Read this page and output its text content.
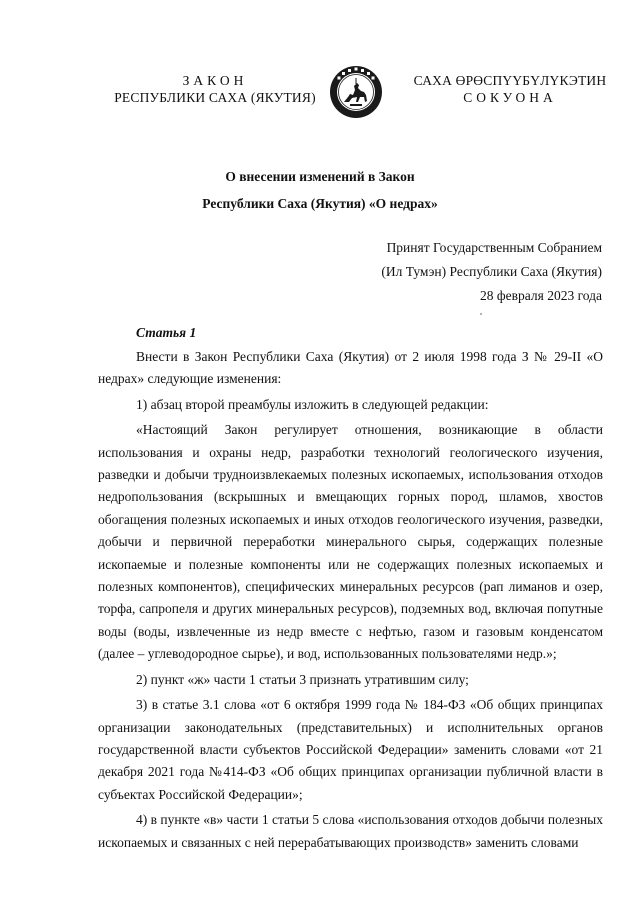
ЗАКОН
РЕСПУБЛИКИ САХА (ЯКУТИЯ)
САХА ӨРӨСПҮҮБҮЛҮКЭТИН
СОКУОНА
О внесении изменений в Закон
Республики Саха (Якутия) «О недрах»
Принят Государственным Собранием
(Ил Тумэн) Республики Саха (Якутия)
28 февраля 2023 года
Статья 1

Внести в Закон Республики Саха (Якутия) от 2 июля 1998 года З № 29-II «О недрах» следующие изменения:

1) абзац второй преамбулы изложить в следующей редакции:

«Настоящий Закон регулирует отношения, возникающие в области использования и охраны недр, разработки технологий геологического изучения, разведки и добычи трудноизвлекаемых полезных ископаемых, использования отходов недропользования (вскрышных и вмещающих горных пород, шламов, хвостов обогащения полезных ископаемых и иных отходов геологического изучения, разведки, добычи и первичной переработки минерального сырья, содержащих полезные ископаемые и полезные компоненты или не содержащих полезных ископаемых и полезных компонентов), специфических минеральных ресурсов (рап лиманов и озер, торфа, сапропеля и других минеральных ресурсов), подземных вод, включая попутные воды (воды, извлеченные из недр вместе с нефтью, газом и газовым конденсатом (далее – углеводородное сырье), и вод, использованных пользователями недр.»;

2) пункт «ж» части 1 статьи 3 признать утратившим силу;

3) в статье 3.1 слова «от 6 октября 1999 года № 184-ФЗ «Об общих принципах организации законодательных (представительных) и исполнительных органов государственной власти субъектов Российской Федерации» заменить словами «от 21 декабря 2021 года №414-ФЗ «Об общих принципах организации публичной власти в субъектах Российской Федерации»;

4) в пункте «в» части 1 статьи 5 слова «использования отходов добычи полезных ископаемых и связанных с ней перерабатывающих производств» заменить словами
